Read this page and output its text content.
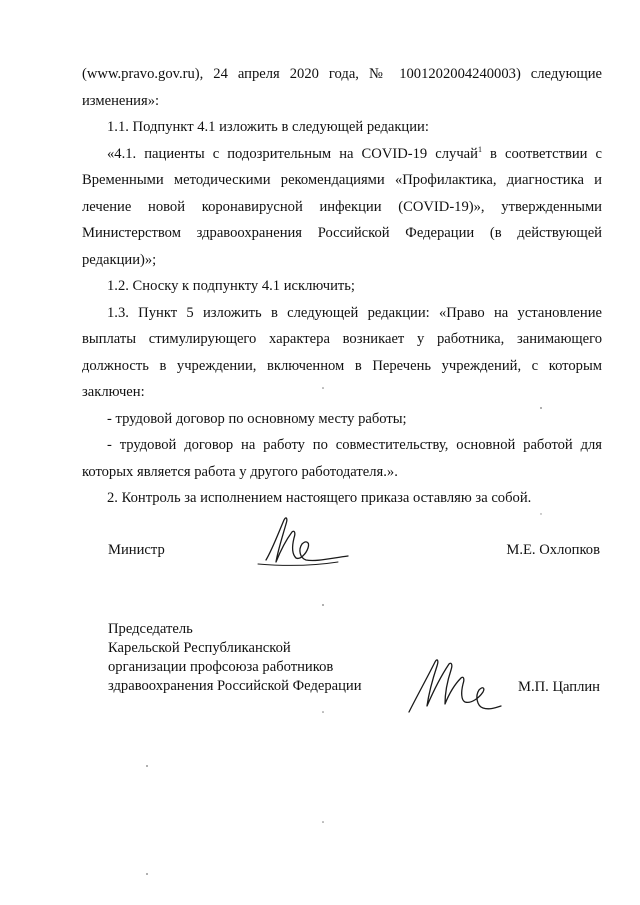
(www.pravo.gov.ru), 24 апреля 2020 года, № 1001202004240003) следующие изменения»:

1.1. Подпункт 4.1 изложить в следующей редакции:

«4.1. пациенты с подозрительным на COVID-19 случай$^1$ в соответствии с Временными методическими рекомендациями «Профилактика, диагностика и лечение новой коронавирусной инфекции (COVID-19)», утвержденными Министерством здравоохранения Российской Федерации (в действующей редакции)»;

1.2. Сноску к подпункту 4.1 исключить;

1.3. Пункт 5 изложить в следующей редакции: «Право на установление выплаты стимулирующего характера возникает у работника, занимающего должность в учреждении, включенном в Перечень учреждений, с которым заключен:

- трудовой договор по основному месту работы;

- трудовой договор на работу по совместительству, основной работой для которых является работа у другого работодателя.».

2. Контроль за исполнением настоящего приказа оставляю за собой.

Министр	М.Е. Охлопков
Председатель
Карельской Республиканской
организации профсоюза работников
здравоохранения Российской Федерации	М.П. Цаплин
